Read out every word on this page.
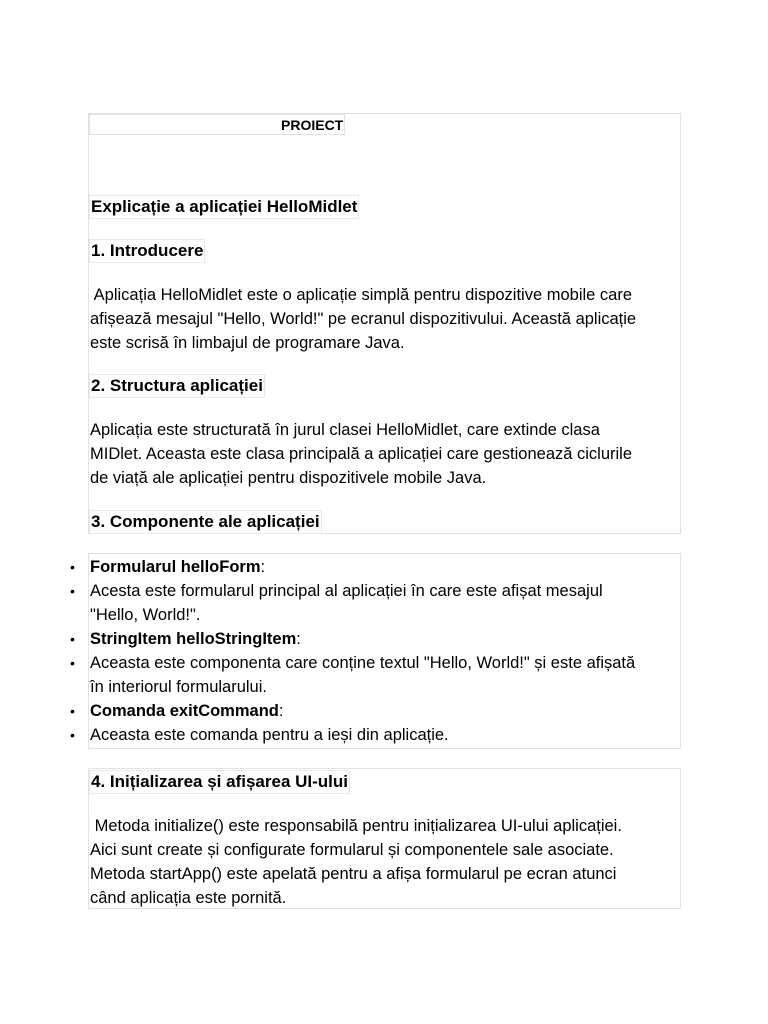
PROIECT
Explicație a aplicației HelloMidlet
1. Introducere
Aplicația HelloMidlet este o aplicație simplă pentru dispozitive mobile care
afișează mesajul "Hello, World!" pe ecranul dispozitivului. Această aplicație
este scrisă în limbajul de programare Java.
2. Structura aplicației
Aplicația este structurată în jurul clasei HelloMidlet, care extinde clasa
MIDlet. Aceasta este clasa principală a aplicației care gestionează ciclurile
de viață ale aplicației pentru dispozitivele mobile Java.
3. Componente ale aplicației
• Formularul helloForm:
• Acesta este formularul principal al aplicației în care este afișat mesajul
"Hello, World!".
• StringItem helloStringItem:
• Aceasta este componenta care conține textul "Hello, World!" și este afișată
în interiorul formularului.
• Comanda exitCommand:
• Aceasta este comanda pentru a ieși din aplicație.
4. Inițializarea și afișarea UI-ului
Metoda initialize() este responsabilă pentru inițializarea UI-ului aplicației.
Aici sunt create și configurate formularul și componentele sale asociate.
Metoda startApp() este apelată pentru a afișa formularul pe ecran atunci
când aplicația este pornită.
